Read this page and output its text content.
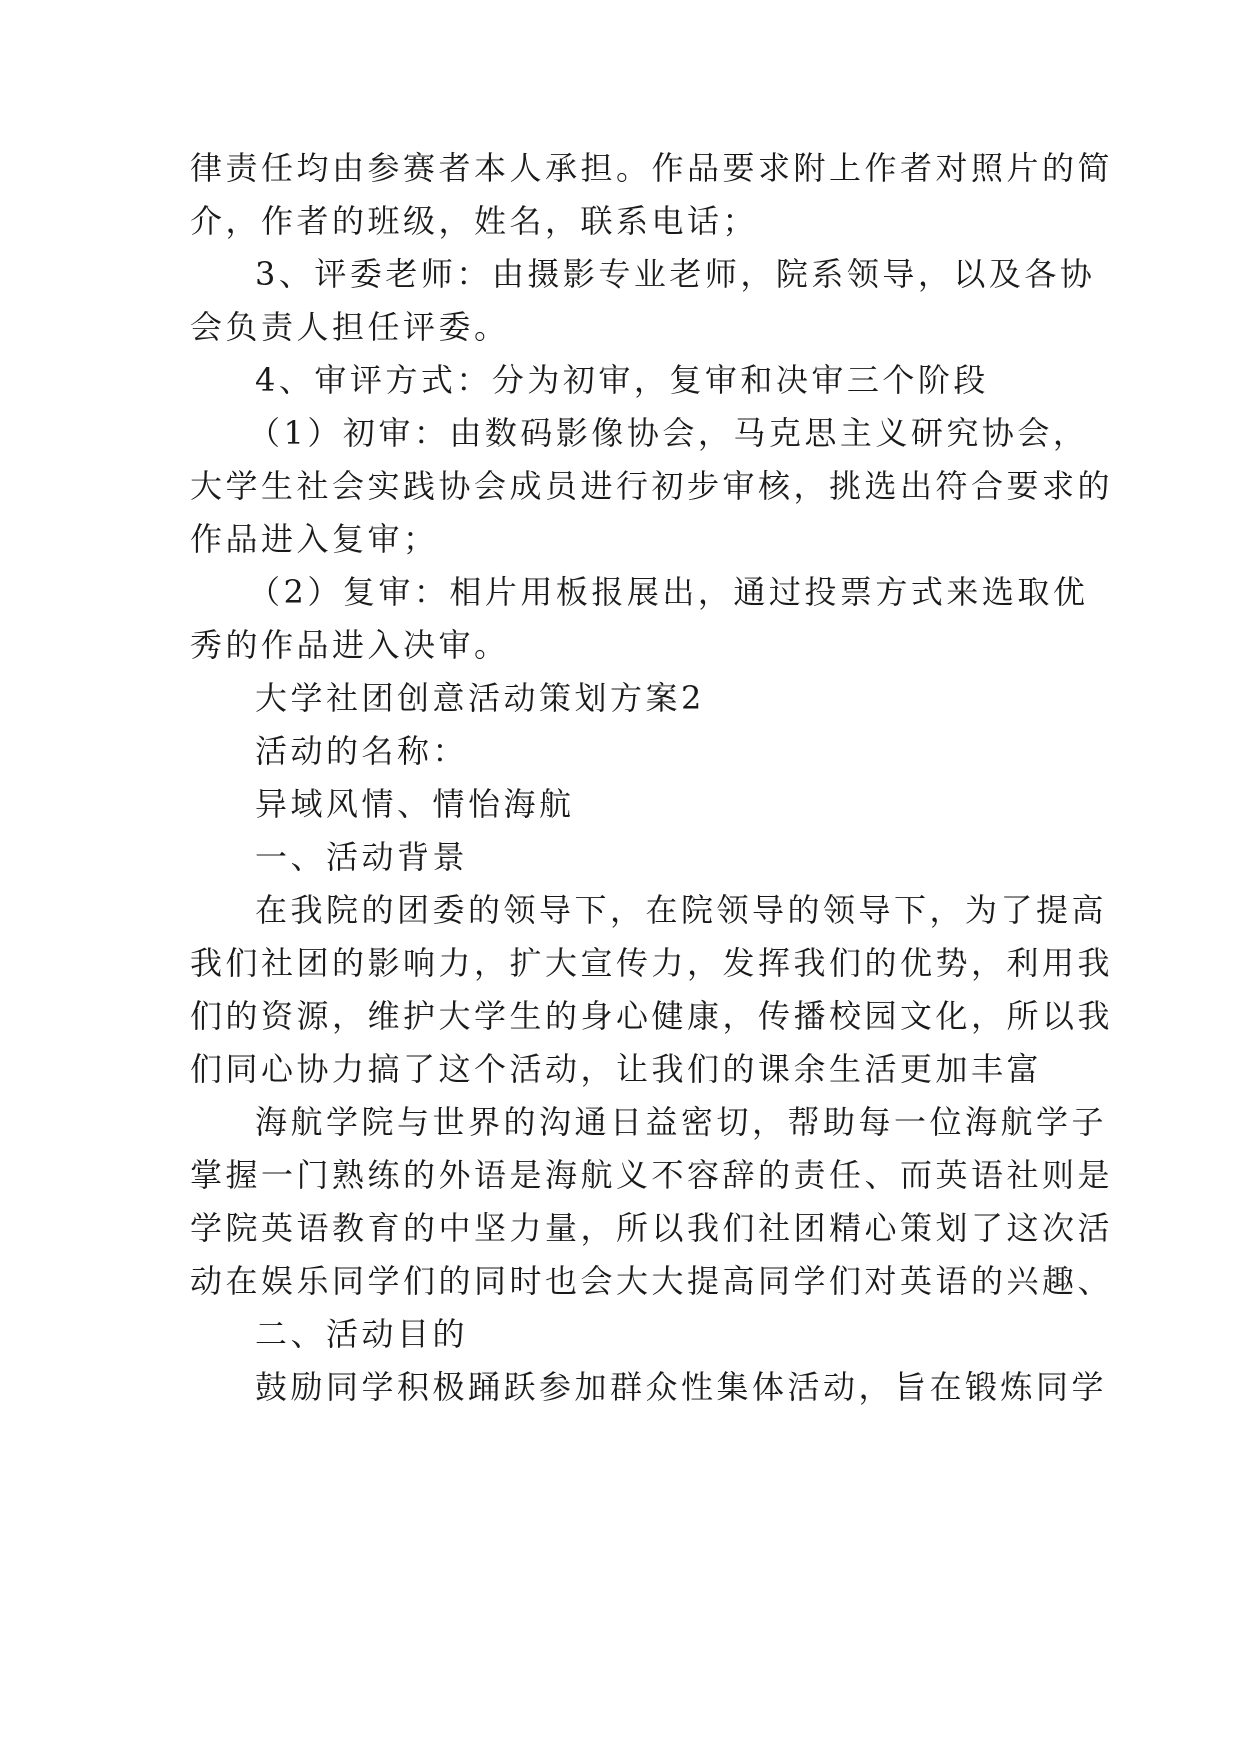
律责任均由参赛者本人承担。作品要求附上作者对照片的简
介，作者的班级，姓名，联系电话；
3、评委老师：由摄影专业老师，院系领导，以及各协
会负责人担任评委。
4、审评方式：分为初审，复审和决审三个阶段
（1）初审：由数码影像协会，马克思主义研究协会，
大学生社会实践协会成员进行初步审核，挑选出符合要求的
作品进入复审；
（2）复审：相片用板报展出，通过投票方式来选取优
秀的作品进入决审。
大学社团创意活动策划方案2
活动的名称：
异域风情、情怡海航
一、活动背景
在我院的团委的领导下，在院领导的领导下，为了提高
我们社团的影响力，扩大宣传力，发挥我们的优势，利用我
们的资源，维护大学生的身心健康，传播校园文化，所以我
们同心协力搞了这个活动，让我们的课余生活更加丰富
海航学院与世界的沟通日益密切，帮助每一位海航学子
掌握一门熟练的外语是海航义不容辞的责任、而英语社则是
学院英语教育的中坚力量，所以我们社团精心策划了这次活
动在娱乐同学们的同时也会大大提高同学们对英语的兴趣、
二、活动目的
鼓励同学积极踊跃参加群众性集体活动，旨在锻炼同学
